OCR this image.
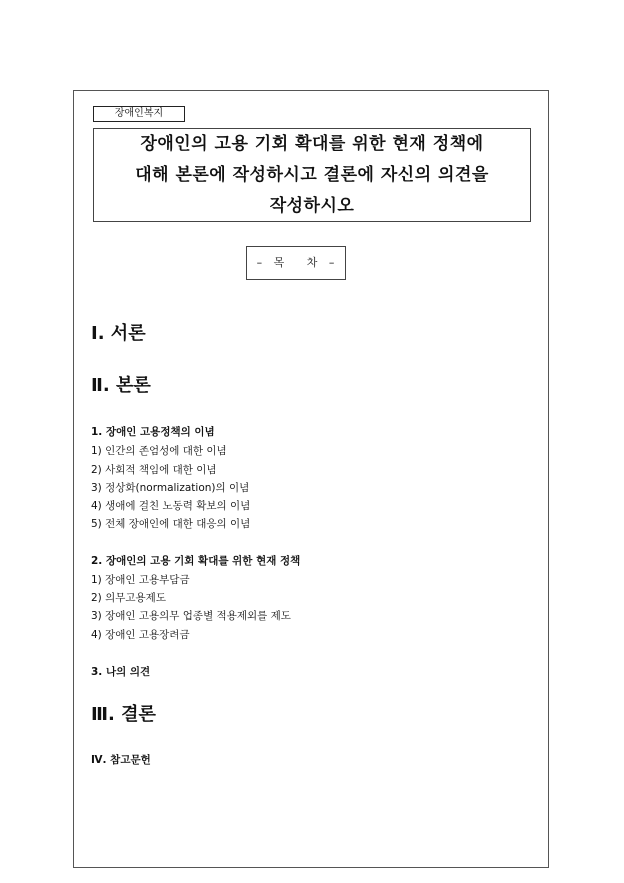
장애인복지
장애인의 고용 기회 확대를 위한 현재 정책에
대해 본론에 작성하시고 결론에 자신의 의견을
작성하시오
– 목 차 –
Ⅰ. 서론
Ⅱ. 본론
1. 장애인 고용정책의 이념
1) 인간의 존엄성에 대한 이념
2) 사회적 책임에 대한 이념
3) 정상화(normalization)의 이념
4) 생애에 걸친 노동력 확보의 이념
5) 전체 장애인에 대한 대응의 이념
2. 장애인의 고용 기회 확대를 위한 현재 정책
1) 장애인 고용부담금
2) 의무고용제도
3) 장애인 고용의무 업종별 적용제외를 제도
4) 장애인 고용장려금
3. 나의 의견
Ⅲ. 결론
Ⅳ. 참고문헌
